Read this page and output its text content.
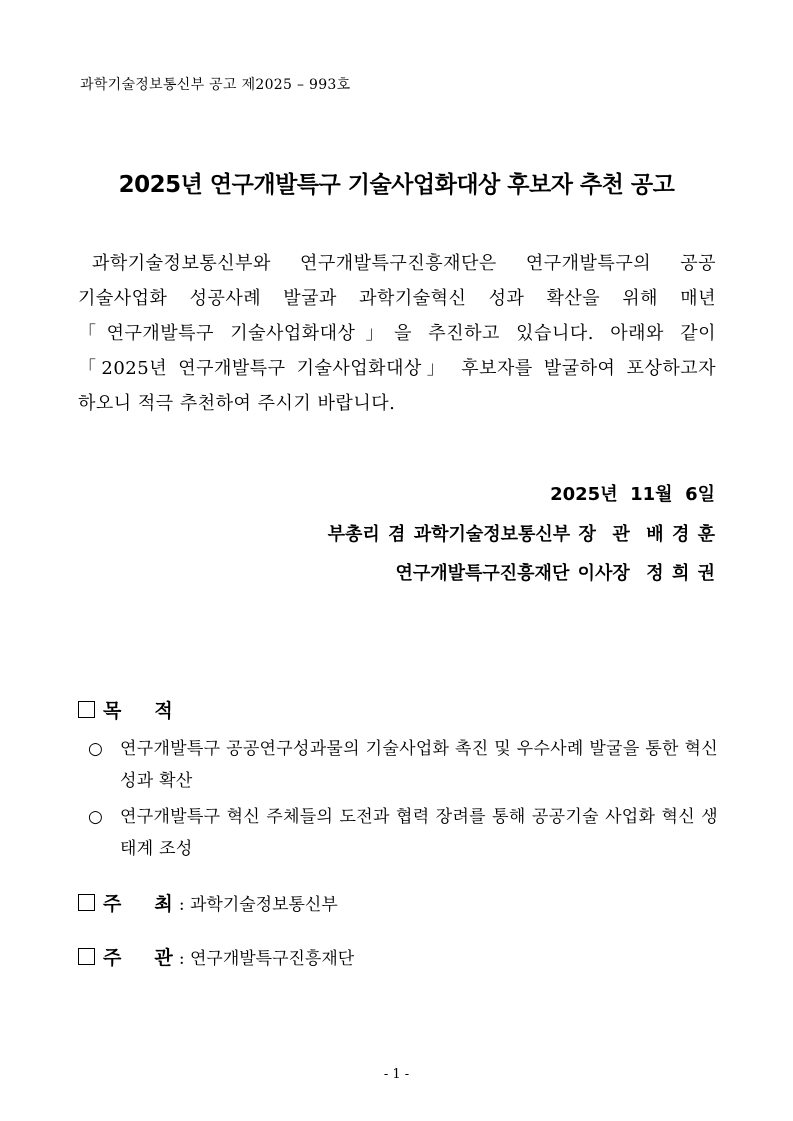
과학기술정보통신부 공고 제2025 – 993호
2025년 연구개발특구 기술사업화대상 후보자 추천 공고

과학기술정보통신부와 연구개발특구진흥재단은 연구개발특구의 공공

기술사업화 성공사례 발굴과 과학기술혁신 성과 확산을 위해 매년

「연구개발특구 기술사업화대상」을 추진하고 있습니다. 아래와 같이

「2025년 연구개발특구 기술사업화대상」 후보자를 발굴하여 포상하고자

하오니 적극 추천하여 주시기 바랍니다.

2025년  11월  6일
부총리 겸 과학기술정보통신부 장  관  배 경 훈
연구개발특구진흥재단 이사장  정 희 권
목     적
○ 연구개발특구 공공연구성과물의 기술사업화 촉진 및 우수사례 발굴을 통한 혁신성과 확산
○ 연구개발특구 혁신 주체들의 도전과 협력 장려를 통해 공공기술 사업화 혁신 생태계 조성
주     최 : 과학기술정보통신부
주     관 : 연구개발특구진흥재단
- 1 -
